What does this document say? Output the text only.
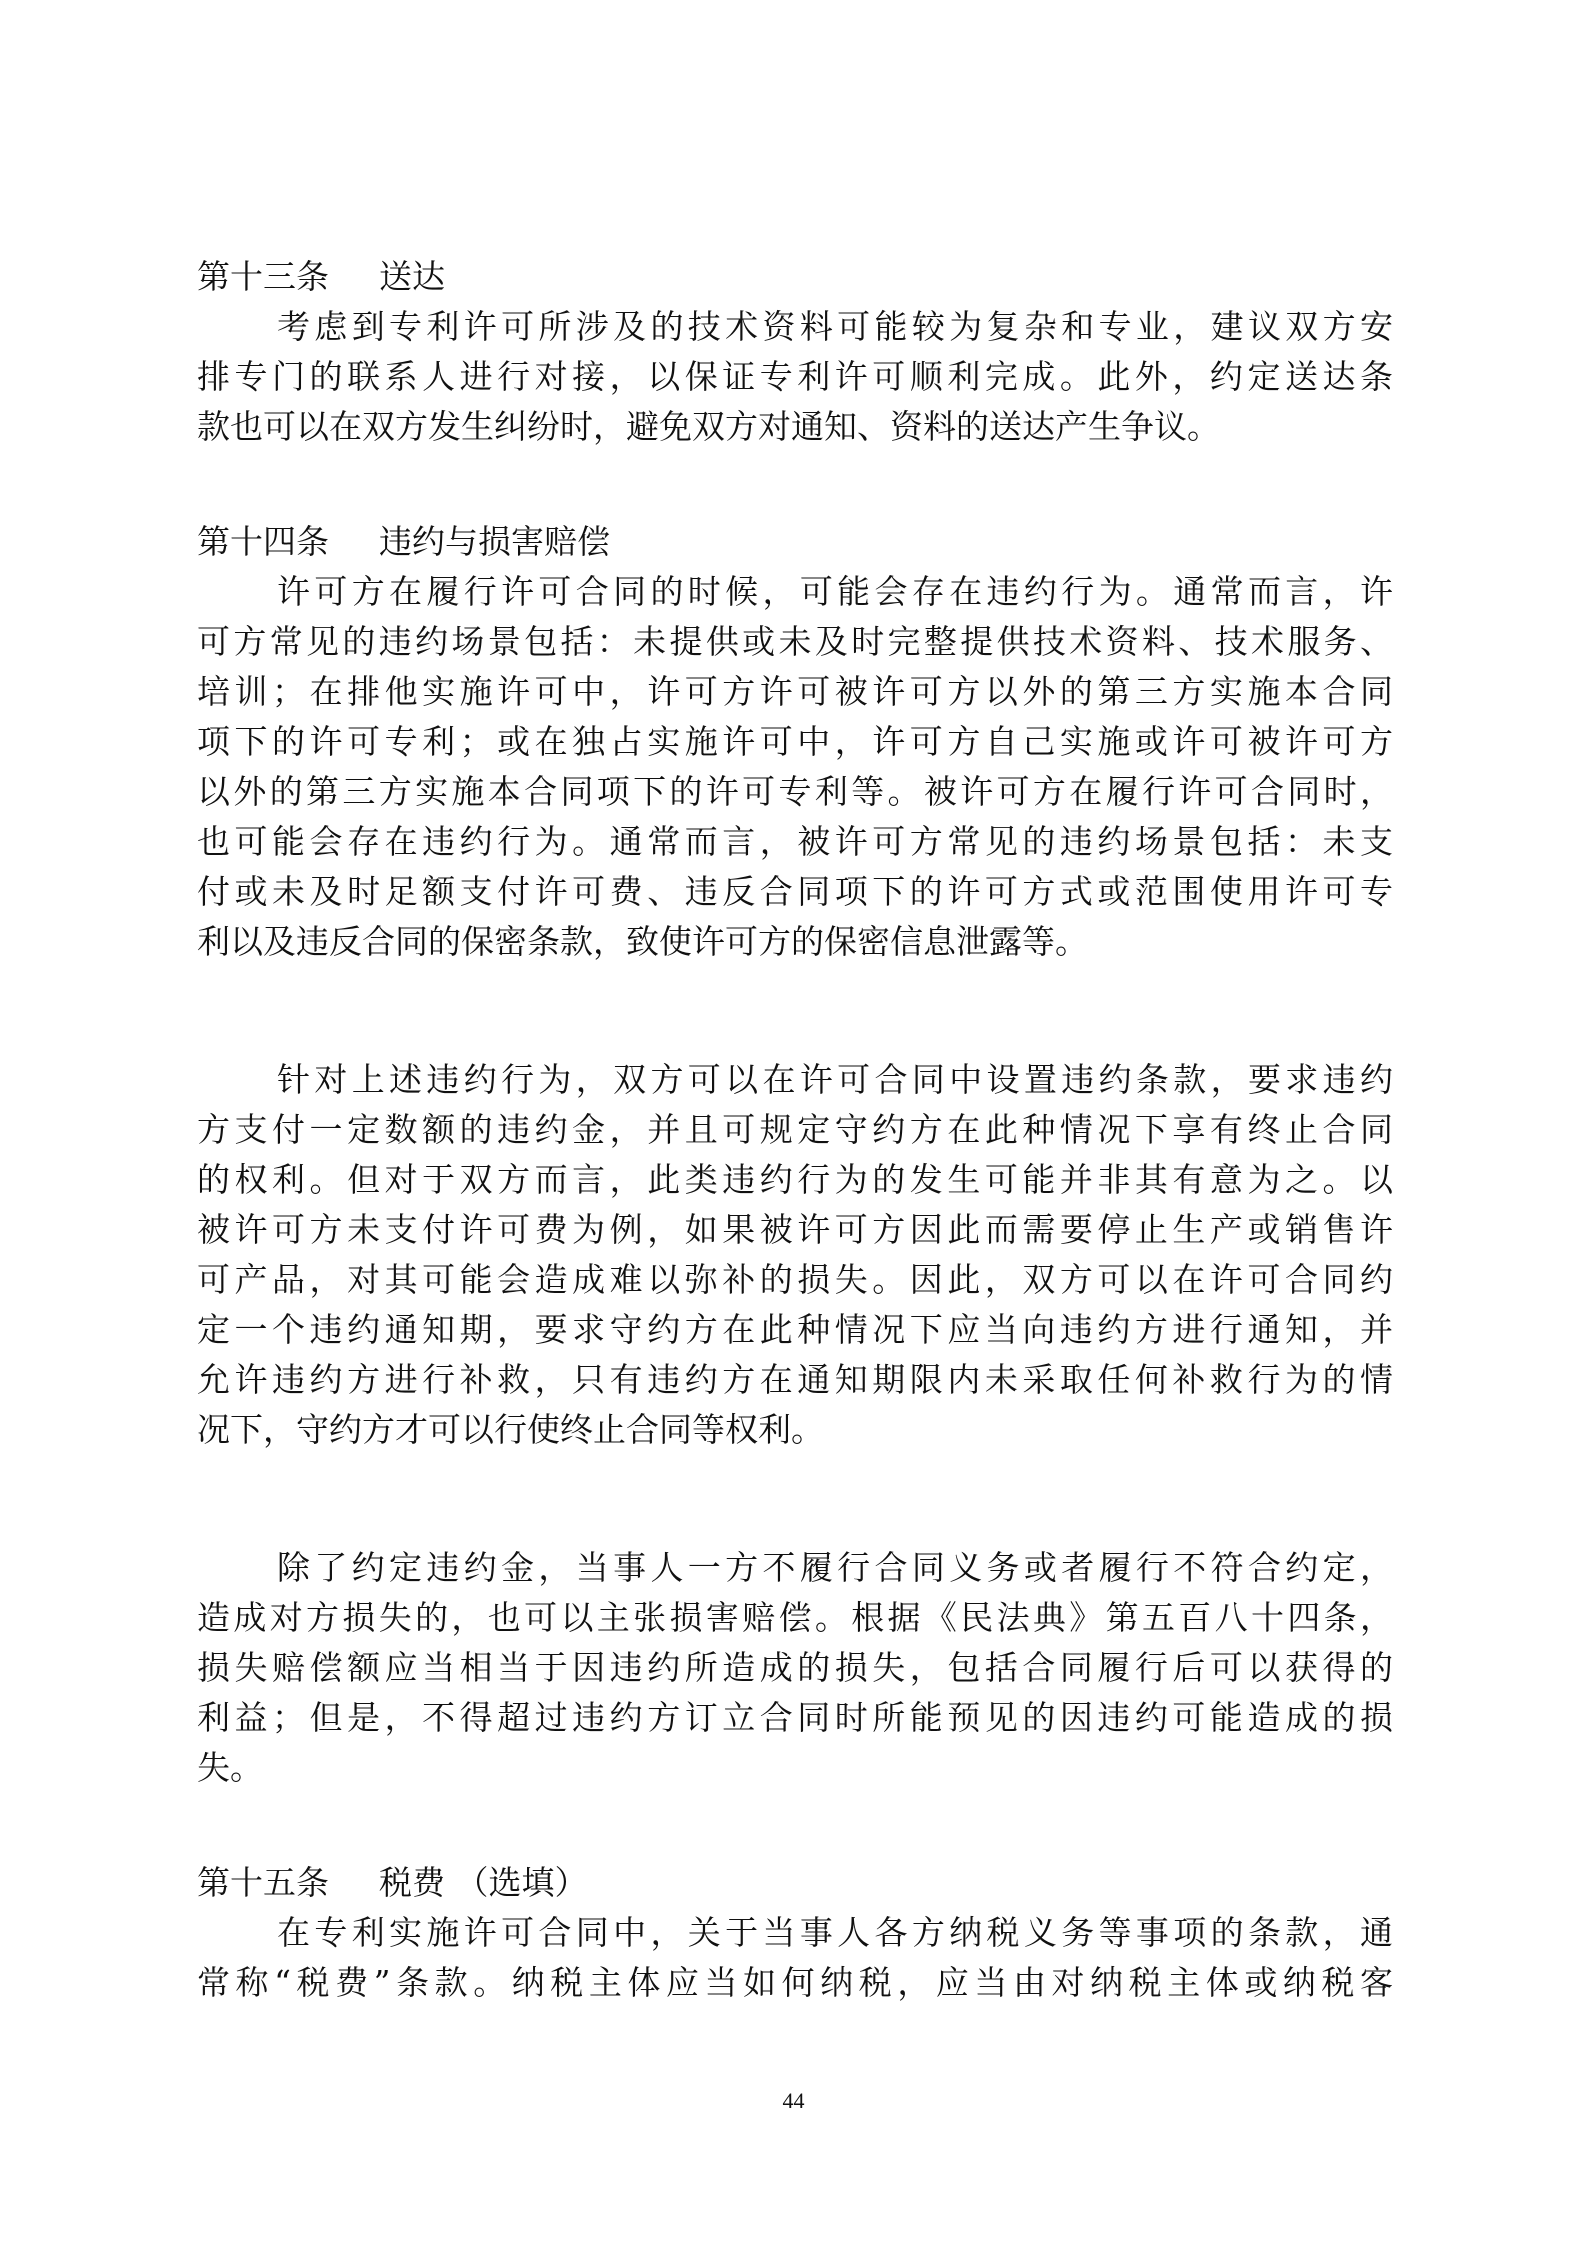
第十三条 送达
考虑到专利许可所涉及的技术资料可能较为复杂和专业，建议双方安
排专门的联系人进行对接，以保证专利许可顺利完成。此外，约定送达条
款也可以在双方发生纠纷时，避免双方对通知、资料的送达产生争议。
第十四条 违约与损害赔偿
许可方在履行许可合同的时候，可能会存在违约行为。通常而言，许
可方常见的违约场景包括：未提供或未及时完整提供技术资料、技术服务、
培训；在排他实施许可中，许可方许可被许可方以外的第三方实施本合同
项下的许可专利；或在独占实施许可中，许可方自己实施或许可被许可方
以外的第三方实施本合同项下的许可专利等。被许可方在履行许可合同时，
也可能会存在违约行为。通常而言，被许可方常见的违约场景包括：未支
付或未及时足额支付许可费、违反合同项下的许可方式或范围使用许可专
利以及违反合同的保密条款，致使许可方的保密信息泄露等。
针对上述违约行为，双方可以在许可合同中设置违约条款，要求违约
方支付一定数额的违约金，并且可规定守约方在此种情况下享有终止合同
的权利。但对于双方而言，此类违约行为的发生可能并非其有意为之。以
被许可方未支付许可费为例，如果被许可方因此而需要停止生产或销售许
可产品，对其可能会造成难以弥补的损失。因此，双方可以在许可合同约
定一个违约通知期，要求守约方在此种情况下应当向违约方进行通知，并
允许违约方进行补救，只有违约方在通知期限内未采取任何补救行为的情
况下，守约方才可以行使终止合同等权利。
除了约定违约金，当事人一方不履行合同义务或者履行不符合约定，
造成对方损失的，也可以主张损害赔偿。根据《民法典》第五百八十四条，
损失赔偿额应当相当于因违约所造成的损失，包括合同履行后可以获得的
利益；但是，不得超过违约方订立合同时所能预见的因违约可能造成的损
失。
第十五条 税费 （选填）
在专利实施许可合同中，关于当事人各方纳税义务等事项的条款，通
常称“税费”条款。纳税主体应当如何纳税，应当由对纳税主体或纳税客
44
